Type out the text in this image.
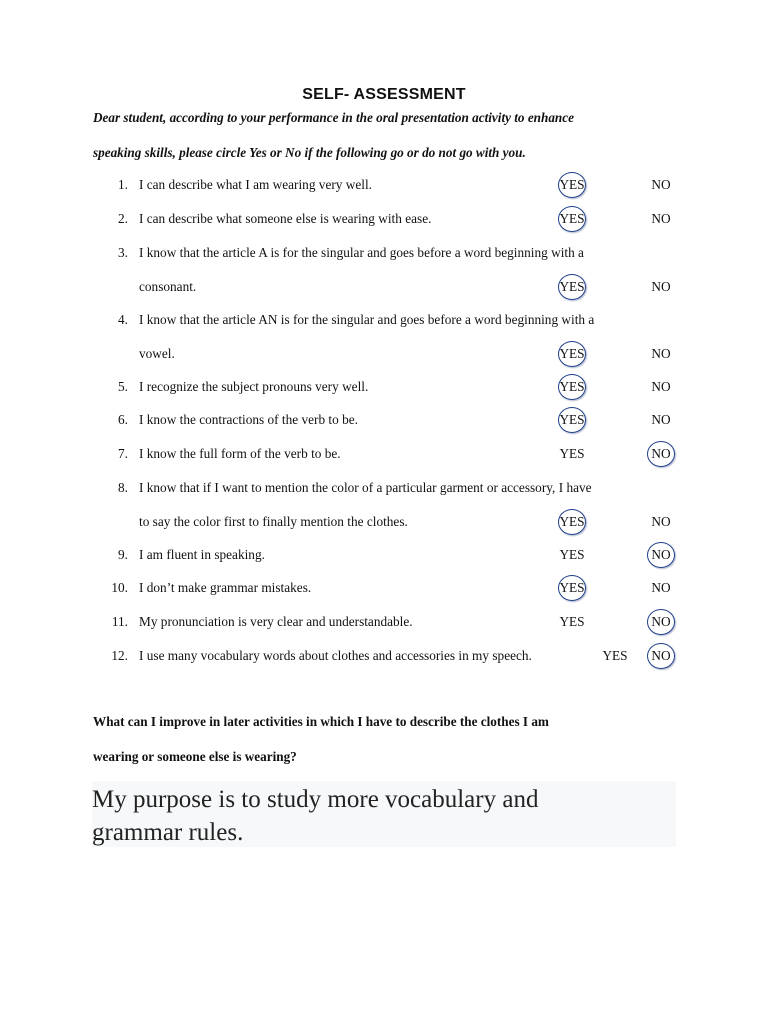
SELF- ASSESSMENT
Dear student, according to your performance in the oral presentation activity to enhance
speaking skills, please circle Yes or No if the following go or do not go with you.
1. I can describe what I am wearing very well.	YES	NO
2. I can describe what someone else is wearing with ease.	YES	NO
3. I know that the article A is for the singular and goes before a word beginning with a
consonant.	YES	NO
4. I know that the article AN is for the singular and goes before a word beginning with a
vowel.	YES	NO
5. I recognize the subject pronouns very well.	YES	NO
6. I know the contractions of the verb to be.	YES	NO
7. I know the full form of the verb to be.	YES	NO
8. I know that if I want to mention the color of a particular garment or accessory, I have
to say the color first to finally mention the clothes.	YES	NO
9. I am fluent in speaking.	YES	NO
10. I don’t make grammar mistakes.	YES	NO
11. My pronunciation is very clear and understandable.	YES	NO
12. I use many vocabulary words about clothes and accessories in my speech.	YES	NO
What can I improve in later activities in which I have to describe the clothes I am
wearing or someone else is wearing?
My purpose is to study more vocabulary and
grammar rules.
